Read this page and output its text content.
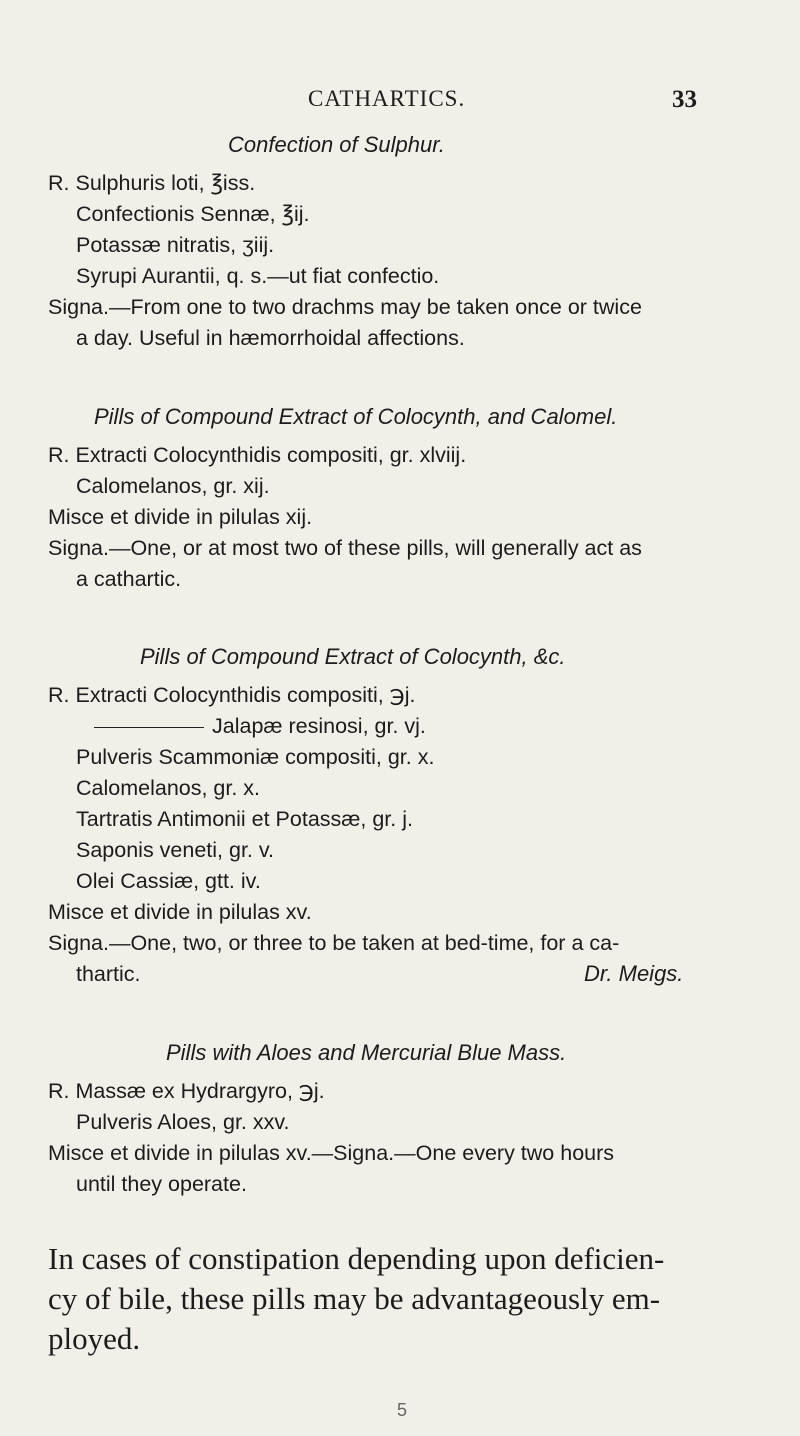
CATHARTICS.	33
Confection of Sulphur.
R. Sulphuris loti, ℥iss.
Confectionis Sennæ, ℥ij.
Potassæ nitratis, ʒiij.
Syrupi Aurantii, q. s.—ut fiat confectio.
Signa.—From one to two drachms may be taken once or twice
a day. Useful in hæmorrhoidal affections.
Pills of Compound Extract of Colocynth, and Calomel.
R. Extracti Colocynthidis compositi, gr. xlviij.
Calomelanos, gr. xij.
Misce et divide in pilulas xij.
Signa.—One, or at most two of these pills, will generally act as
a cathartic.
Pills of Compound Extract of Colocynth, &c.
R. Extracti Colocynthidis compositi, ℈j.
Jalapæ resinosi, gr. vj.
Pulveris Scammoniæ compositi, gr. x.
Calomelanos, gr. x.
Tartratis Antimonii et Potassæ, gr. j.
Saponis veneti, gr. v.
Olei Cassiæ, gtt. iv.
Misce et divide in pilulas xv.
Signa.—One, two, or three to be taken at bed-time, for a ca-
thartic.	Dr. Meigs.
Pills with Aloes and Mercurial Blue Mass.
R. Massæ ex Hydrargyro, ℈j.
Pulveris Aloes, gr. xxv.
Misce et divide in pilulas xv.—Signa.—One every two hours
until they operate.
In cases of constipation depending upon deficien-
cy of bile, these pills may be advantageously em-
ployed.
5
